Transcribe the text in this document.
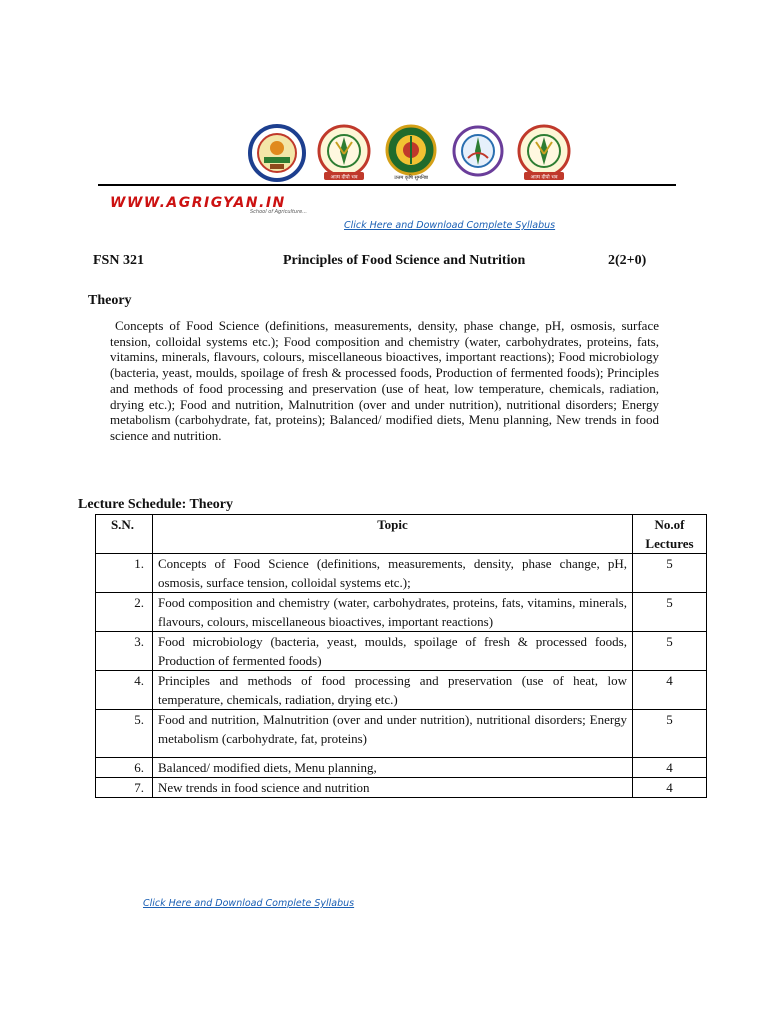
आत्म दीपो भव	उत्तम कृषि सुमनिष्ठ	आत्म दीपो भव
WWW.AGRIGYAN.IN
School of Agriculture...
Click Here and Download Complete Syllabus
FSN 321	Principles of Food Science and Nutrition	2(2+0)
Theory

Concepts of Food Science (definitions, measurements, density, phase change, pH, osmosis, surface tension, colloidal systems etc.); Food composition and chemistry (water, carbohydrates, proteins, fats, vitamins, minerals, flavours, colours, miscellaneous bioactives, important reactions); Food microbiology (bacteria, yeast, moulds, spoilage of fresh & processed foods, Production of fermented foods); Principles and methods of food processing and preservation (use of heat, low temperature, chemicals, radiation, drying etc.); Food and nutrition, Malnutrition (over and under nutrition), nutritional disorders; Energy metabolism (carbohydrate, fat, proteins); Balanced/ modified diets, Menu planning, New trends in food science and nutrition.

Lecture Schedule: Theory
S.N.	Topic	No.of Lectures
1.	Concepts of Food Science (definitions, measurements, density, phase change, pH, osmosis, surface tension, colloidal systems etc.);	5
2.	Food composition and chemistry (water, carbohydrates, proteins, fats, vitamins, minerals, flavours, colours, miscellaneous bioactives, important reactions)	5
3.	Food microbiology (bacteria, yeast, moulds, spoilage of fresh & processed foods, Production of fermented foods)	5
4.	Principles and methods of food processing and preservation (use of heat, low temperature, chemicals, radiation, drying etc.)	4
5.	Food and nutrition, Malnutrition (over and under nutrition), nutritional disorders; Energy metabolism (carbohydrate, fat, proteins)	5
6.	Balanced/ modified diets, Menu planning,	4
7.	New trends in food science and nutrition	4
Click Here and Download Complete Syllabus
